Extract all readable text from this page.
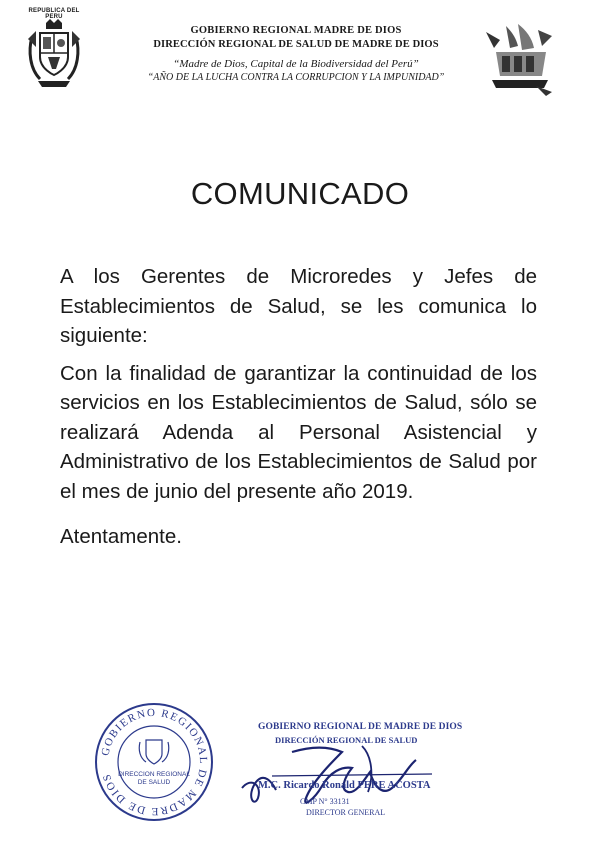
REPUBLICA DEL PERU
GOBIERNO REGIONAL MADRE DE DIOS
DIRECCIÓN REGIONAL DE SALUD DE MADRE DE DIOS
“Madre de Dios, Capital de la Biodiversidad del Perú”
“AÑO DE LA LUCHA CONTRA LA CORRUPCION Y LA IMPUNIDAD”
COMUNICADO

A los Gerentes de Microredes y Jefes de Establecimientos de Salud, se les comunica lo siguiente:

Con la finalidad de garantizar la continuidad de los servicios en los Establecimientos de Salud, sólo se realizará Adenda al Personal Asistencial y Administrativo de los Establecimientos de Salud por el mes de junio del presente año 2019.

Atentamente.

GOBIERNO REGIONAL DE MADRE DE DIOS DIRECCION REGIONAL
DE SALUD
GOBIERNO REGIONAL DE MADRE DE DIOS
DIRECCIÓN REGIONAL DE SALUD
M.C. Ricardo Ronald PERE ACOSTA
CMP N° 33131
DIRECTOR GENERAL
